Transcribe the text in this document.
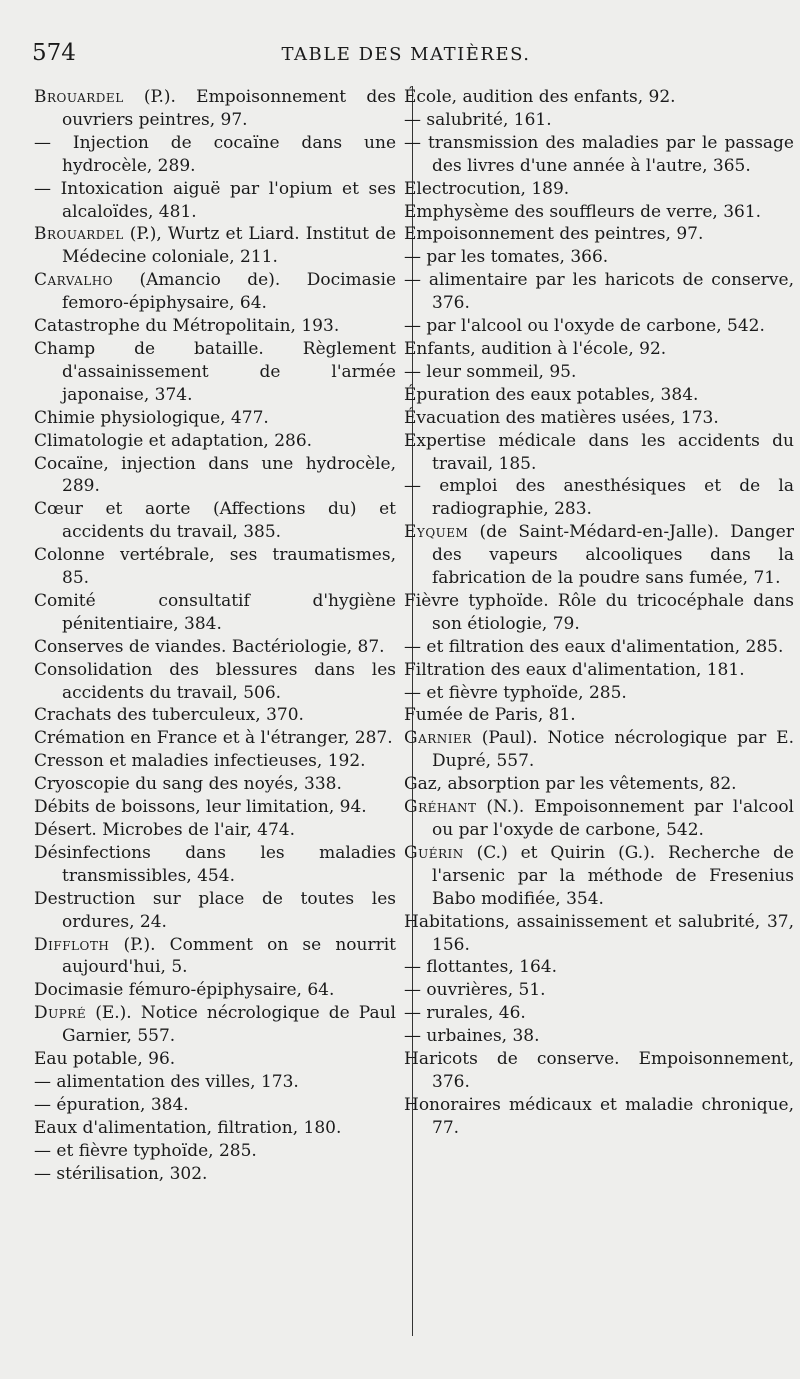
574	TABLE DES MATIÈRES.

Brouardel (P.). Empoisonnement des ouvriers peintres, 97.

— Injection de cocaïne dans une hydrocèle, 289.

— Intoxication aiguë par l'opium et ses alcaloïdes, 481.

Brouardel (P.), Wurtz et Liard. Institut de Médecine coloniale, 211.

Carvalho (Amancio de). Docimasie femoro-épiphysaire, 64.

Catastrophe du Métropolitain, 193.

Champ de bataille. Règlement d'assainissement de l'armée japonaise, 374.

Chimie physiologique, 477.

Climatologie et adaptation, 286.

Cocaïne, injection dans une hydrocèle, 289.

Cœur et aorte (Affections du) et accidents du travail, 385.

Colonne vertébrale, ses traumatismes, 85.

Comité consultatif d'hygiène pénitentiaire, 384.

Conserves de viandes. Bactériologie, 87.

Consolidation des blessures dans les accidents du travail, 506.

Crachats des tuberculeux, 370.

Crémation en France et à l'étranger, 287.

Cresson et maladies infectieuses, 192.

Cryoscopie du sang des noyés, 338.

Débits de boissons, leur limitation, 94.

Désert. Microbes de l'air, 474.

Désinfections dans les maladies transmissibles, 454.

Destruction sur place de toutes les ordures, 24.

Diffloth (P.). Comment on se nourrit aujourd'hui, 5.

Docimasie fémuro-épiphysaire, 64.

Dupré (E.). Notice nécrologique de Paul Garnier, 557.

Eau potable, 96.

— alimentation des villes, 173.

— épuration, 384.

Eaux d'alimentation, filtration, 180.

— et fièvre typhoïde, 285.

— stérilisation, 302.

École, audition des enfants, 92.

— salubrité, 161.

— transmission des maladies par le passage des livres d'une année à l'autre, 365.

Electrocution, 189.

Emphysème des souffleurs de verre, 361.

Empoisonnement des peintres, 97.

— par les tomates, 366.

— alimentaire par les haricots de conserve, 376.

— par l'alcool ou l'oxyde de carbone, 542.

Enfants, audition à l'école, 92.

— leur sommeil, 95.

Épuration des eaux potables, 384.

Évacuation des matières usées, 173.

Expertise médicale dans les accidents du travail, 185.

— emploi des anesthésiques et de la radiographie, 283.

Eyquem (de Saint-Médard-en-Jalle). Danger des vapeurs alcooliques dans la fabrication de la poudre sans fumée, 71.

Fièvre typhoïde. Rôle du tricocéphale dans son étiologie, 79.

— et filtration des eaux d'alimentation, 285.

Filtration des eaux d'alimentation, 181.

— et fièvre typhoïde, 285.

Fumée de Paris, 81.

Garnier (Paul). Notice nécrologique par E. Dupré, 557.

Gaz, absorption par les vêtements, 82.

Gréhant (N.). Empoisonnement par l'alcool ou par l'oxyde de carbone, 542.

Guérin (C.) et Quirin (G.). Recherche de l'arsenic par la méthode de Fresenius Babo modifiée, 354.

Habitations, assainissement et salubrité, 37, 156.

— flottantes, 164.

— ouvrières, 51.

— rurales, 46.

— urbaines, 38.

Haricots de conserve. Empoisonnement, 376.

Honoraires médicaux et maladie chronique, 77.
